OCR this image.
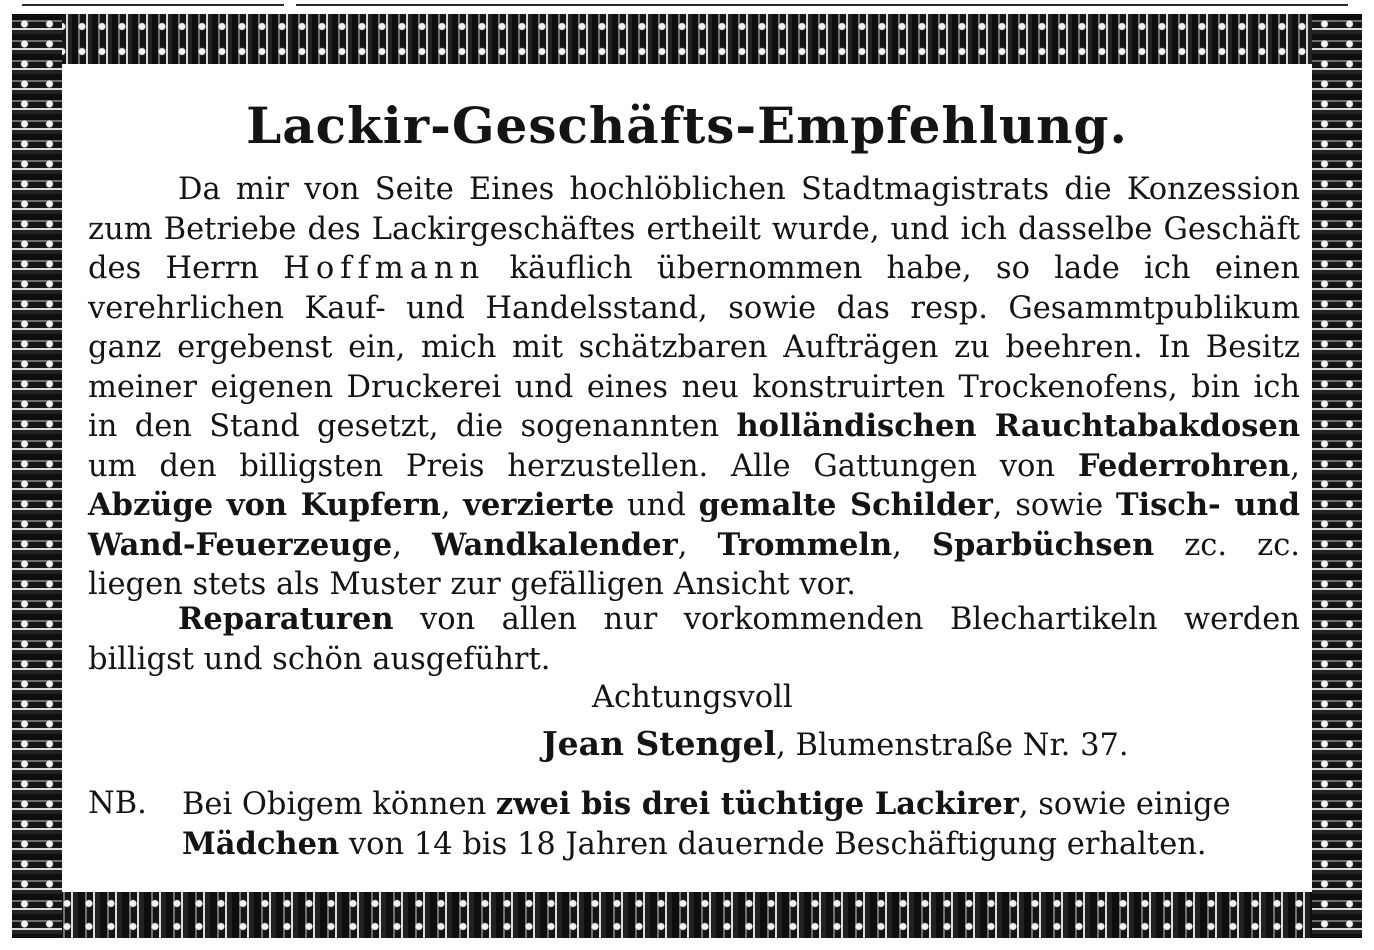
Lackir-Geschäfts-Empfehlung.
Da mir von Seite Eines hochlöblichen Stadtmagistrats die Konzession zum Betriebe des Lackirgeschäftes ertheilt wurde, und ich dasselbe Geschäft des Herrn Hoffmann käuflich übernommen habe, so lade ich einen verehrlichen Kauf- und Handelsstand, sowie das resp. Gesammtpublikum ganz ergebenst ein, mich mit schätzbaren Aufträgen zu beehren. In Besitz meiner eigenen Druckerei und eines neu konstruirten Trockenofens, bin ich in den Stand gesetzt, die sogenannten holländischen Rauchtabakdosen um den billigsten Preis herzustellen. Alle Gattungen von Federrohren, Abzüge von Kupfern, verzierte und gemalte Schilder, sowie Tisch- und Wand-Feuerzeuge, Wandkalender, Trommeln, Sparbüchsen zc. zc. liegen stets als Muster zur gefälligen Ansicht vor.
Reparaturen von allen nur vorkommenden Blechartikeln werden billigst und schön ausgeführt.
Achtungsvoll
Jean Stengel, Blumenstraße Nr. 37.
NB. Bei Obigem können zwei bis drei tüchtige Lackirer, sowie einige
Mädchen von 14 bis 18 Jahren dauernde Beschäftigung erhalten.
